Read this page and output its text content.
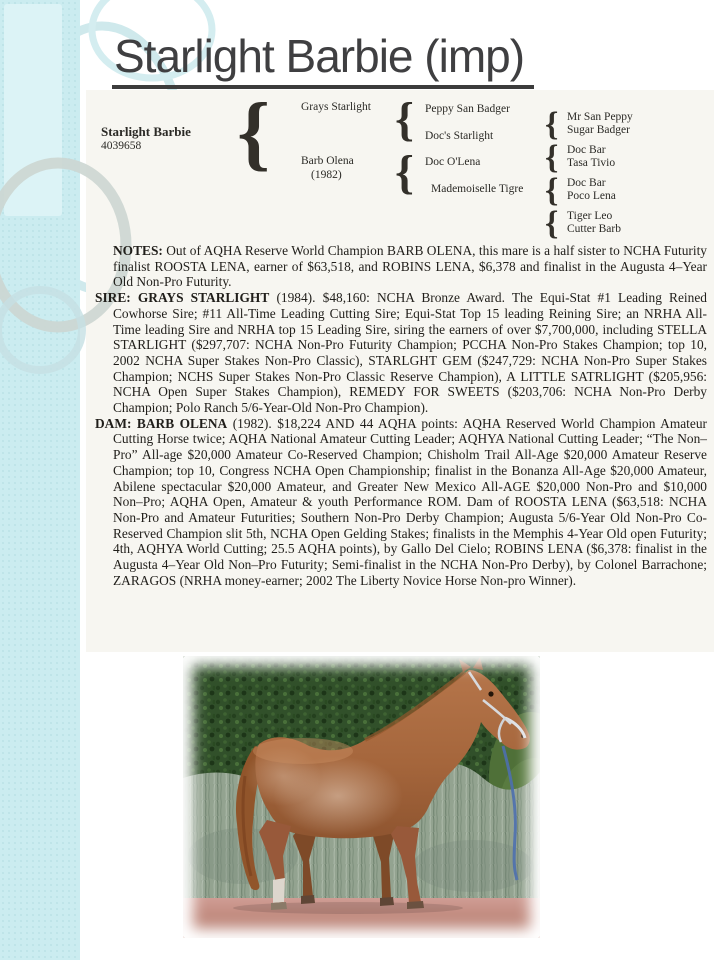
Starlight Barbie (imp)
Starlight Barbie
4039658	{	Grays Starlight
Barb Olena
(1982)
{
{
Peppy San Badger
Doc's Starlight
Doc O'Lena
Mademoiselle Tigre
{
{
{
{
Mr San Peppy
Sugar Badger
Doc Bar
Tasa Tivio
Doc Bar
Poco Lena
Tiger Leo
Cutter Barb

NOTES: Out of AQHA Reserve World Champion BARB OLENA, this mare is a half sister to NCHA Futurity finalist ROOSTA LENA, earner of $63,518, and ROBINS LENA, $6,378 and finalist in the Augusta 4–Year Old Non-Pro Futurity.

SIRE: GRAYS STARLIGHT (1984). $48,160: NCHA Bronze Award. The Equi-Stat #1 Leading Reined Cowhorse Sire; #11 All-Time Leading Cutting Sire; Equi-Stat Top 15 leading Reining Sire; an NRHA All-Time leading Sire and NRHA top 15 Leading Sire, siring the earners of over $7,700,000, including STELLA STARLIGHT ($297,707: NCHA Non-Pro Futurity Champion; PCCHA Non-Pro Stakes Champion; top 10, 2002 NCHA Super Stakes Non-Pro Classic), STARLGHT GEM ($247,729: NCHA Non-Pro Super Stakes Champion; NCHS Super Stakes Non-Pro Classic Reserve Champion), A LITTLE SATRLIGHT ($205,956: NCHA Open Super Stakes Champion), REMEDY FOR SWEETS ($203,706: NCHA Non-Pro Derby Champion; Polo Ranch 5/6-Year-Old Non-Pro Champion).

DAM: BARB OLENA (1982). $18,224 AND 44 AQHA points: AQHA Reserved World Champion Amateur Cutting Horse twice; AQHA National Amateur Cutting Leader; AQHYA National Cutting Leader; “The Non–Pro” All-age $20,000 Amateur Co-Reserved Champion; Chisholm Trail All-Age $20,000 Amateur Reserve Champion; top 10, Congress NCHA Open Championship; finalist in the Bonanza All-Age $20,000 Amateur, Abilene spectacular $20,000 Amateur, and Greater New Mexico All-AGE $20,000 Non-Pro and $10,000 Non–Pro; AQHA Open, Amateur & youth Performance ROM. Dam of ROOSTA LENA ($63,518: NCHA Non-Pro and Amateur Futurities; Southern Non-Pro Derby Champion; Augusta 5/6-Year Old Non-Pro Co-Reserved Champion slit 5th, NCHA Open Gelding Stakes; finalists in the Memphis 4-Year Old open Futurity; 4th, AQHYA World Cutting; 25.5 AQHA points), by Gallo Del Cielo; ROBINS LENA ($6,378: finalist in the Augusta 4–Year Old Non–Pro Futurity; Semi-finalist in the NCHA Non-Pro Derby), by Colonel Barrachone; ZARAGOS (NRHA money-earner; 2002 The Liberty Novice Horse Non-pro Winner).
